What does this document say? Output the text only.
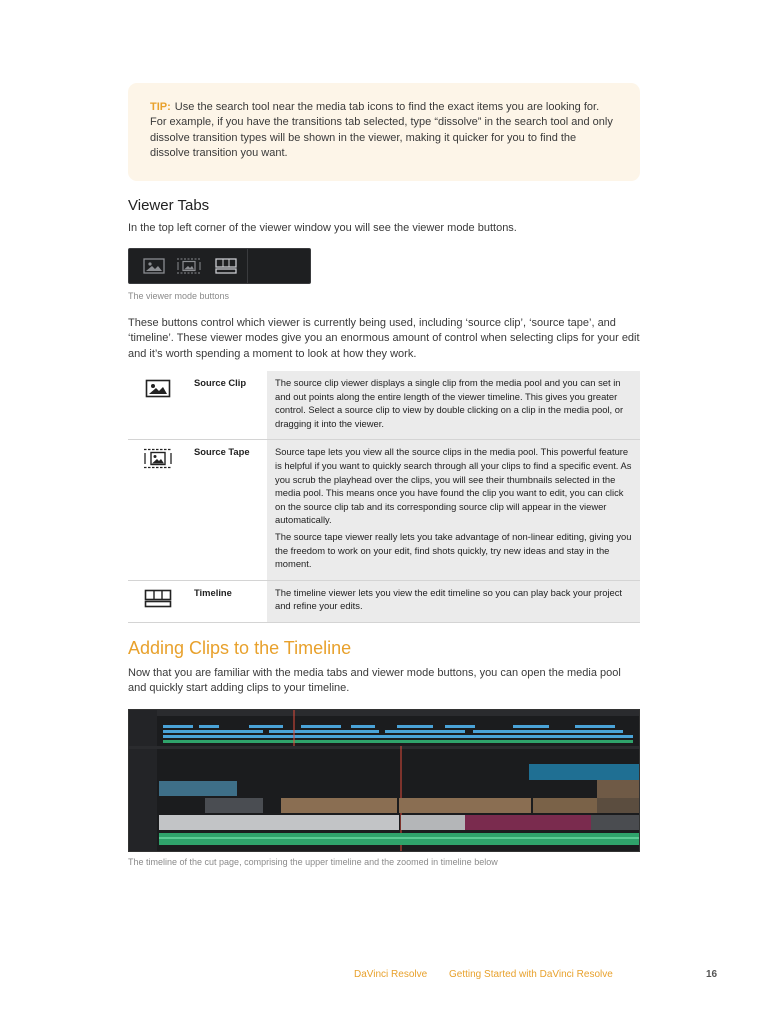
TIP: Use the search tool near the media tab icons to find the exact items you are looking for. For example, if you have the transitions tab selected, type “dissolve” in the search tool and only dissolve transition types will be shown in the viewer, making it quicker for you to find the dissolve transition you want.
Viewer Tabs

In the top left corner of the viewer window you will see the viewer mode buttons.

The viewer mode buttons

These buttons control which viewer is currently being used, including ‘source clip’, ‘source tape’, and ‘timeline’. These viewer modes give you an enormous amount of control when selecting clips for your edit and it’s worth spending a moment to look at how they work.

	Source Clip	The source clip viewer displays a single clip from the media pool and you can set in and out points along the entire length of the viewer timeline. This gives you greater control. Select a source clip to view by double clicking on a clip in the media pool, or dragging it into the viewer.

	Source Tape	Source tape lets you view all the source clips in the media pool. This powerful feature is helpful if you want to quickly search through all your clips to find a specific event. As you scrub the playhead over the clips, you will see their thumbnails selected in the media pool. This means once you have found the clip you want to edit, you can click on the source clip tab and its corresponding source clip will appear in the viewer automatically.

The source tape viewer really lets you take advantage of non-linear editing, giving you the freedom to work on your edit, find shots quickly, try new ideas and stay in the moment.

	Timeline	The timeline viewer lets you view the edit timeline so you can play back your project and refine your edits.

Adding Clips to the Timeline

Now that you are familiar with the media tabs and viewer mode buttons, you can open the media pool and quickly start adding clips to your timeline.

The timeline of the cut page, comprising the upper timeline and the zoomed in timeline below

DaVinci Resolve Getting Started with DaVinci Resolve	16
